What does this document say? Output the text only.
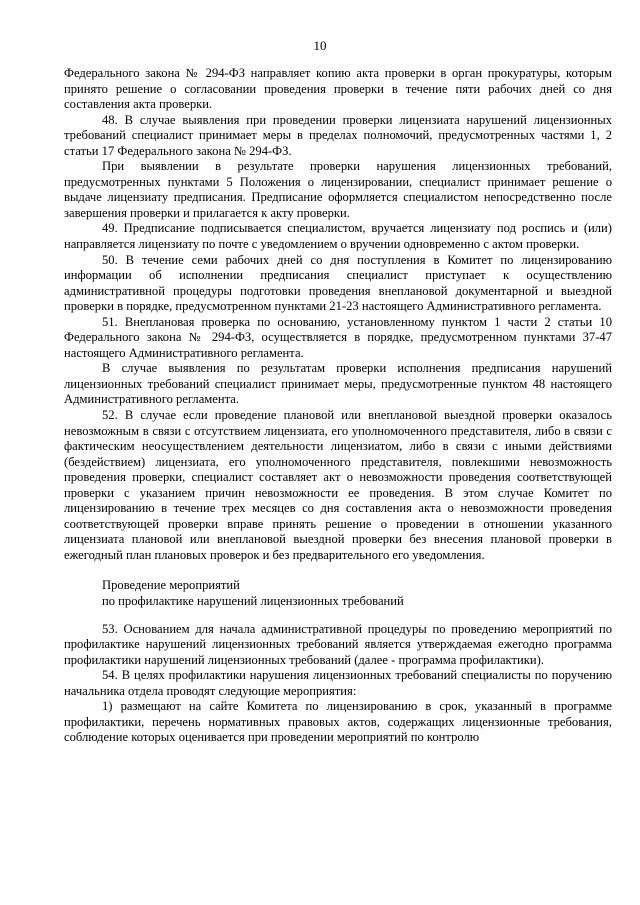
10

Федерального закона № 294-ФЗ направляет копию акта проверки в орган прокуратуры, которым принято решение о согласовании проведения проверки в течение пяти рабочих дней со дня составления акта проверки.

48. В случае выявления при проведении проверки лицензиата нарушений лицензионных требований специалист принимает меры в пределах полномочий, предусмотренных частями 1, 2 статьи 17 Федерального закона № 294-ФЗ.

При выявлении в результате проверки нарушения лицензионных требований, предусмотренных пунктами 5 Положения о лицензировании, специалист принимает решение о выдаче лицензиату предписания. Предписание оформляется специалистом непосредственно после завершения проверки и прилагается к акту проверки.

49. Предписание подписывается специалистом, вручается лицензиату под роспись и (или) направляется лицензиату по почте с уведомлением о вручении одновременно с актом проверки.

50. В течение семи рабочих дней со дня поступления в Комитет по лицензированию информации об исполнении предписания специалист приступает к осуществлению административной процедуры подготовки проведения внеплановой документарной и выездной проверки в порядке, предусмотренном пунктами 21-23 настоящего Административного регламента.

51. Внеплановая проверка по основанию, установленному пунктом 1 части 2 статьи 10 Федерального закона № 294-ФЗ, осуществляется в порядке, предусмотренном пунктами 37-47 настоящего Административного регламента.

В случае выявления по результатам проверки исполнения предписания нарушений лицензионных требований специалист принимает меры, предусмотренные пунктом 48 настоящего Административного регламента.

52. В случае если проведение плановой или внеплановой выездной проверки оказалось невозможным в связи с отсутствием лицензиата, его уполномоченного представителя, либо в связи с фактическим неосуществлением деятельности лицензиатом, либо в связи с иными действиями (бездействием) лицензиата, его уполномоченного представителя, повлекшими невозможность проведения проверки, специалист составляет акт о невозможности проведения соответствующей проверки с указанием причин невозможности ее проведения. В этом случае Комитет по лицензированию в течение трех месяцев со дня составления акта о невозможности проведения соответствующей проверки вправе принять решение о проведении в отношении указанного лицензиата плановой или внеплановой выездной проверки без внесения плановой проверки в ежегодный план плановых проверок и без предварительного его уведомления.

Проведение мероприятий

по профилактике нарушений лицензионных требований

53. Основанием для начала административной процедуры по проведению мероприятий по профилактике нарушений лицензионных требований является утверждаемая ежегодно программа профилактики нарушений лицензионных требований (далее - программа профилактики).

54. В целях профилактики нарушения лицензионных требований специалисты по поручению начальника отдела проводят следующие мероприятия:

1) размещают на сайте Комитета по лицензированию в срок, указанный в программе профилактики, перечень нормативных правовых актов, содержащих лицензионные требования, соблюдение которых оценивается при проведении мероприятий по контролю
